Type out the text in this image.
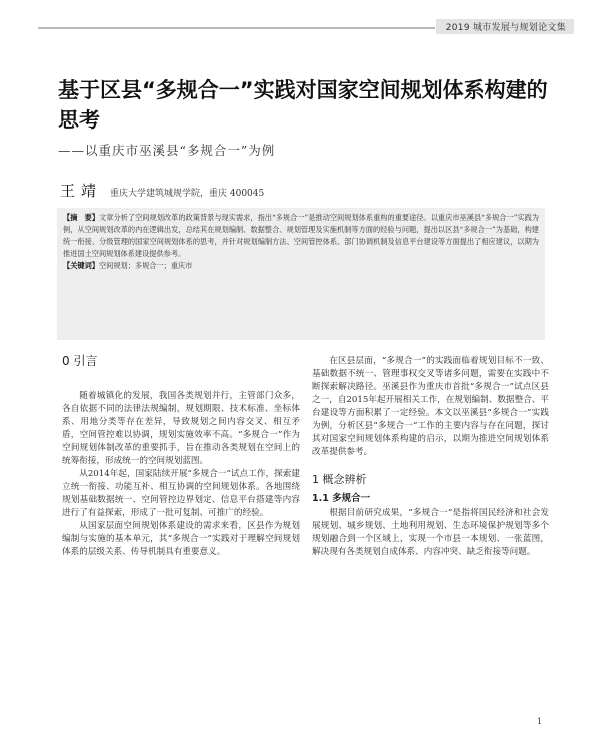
2019 城市发展与规划论文集
基于区县“多规合一”实践对国家空间规划体系构建的思考
——以重庆市巫溪县“多规合一”为例
王靖 重庆大学建筑城规学院，重庆 400045

【摘　要】文章分析了空间规划改革的政策背景与现实需求，指出“多规合一”是推动空间规划体系重构的重要途径。以重庆市巫溪县“多规合一”实践为例，从空间规划改革的内在逻辑出发，总结其在规划编制、数据整合、规划管理及实施机制等方面的经验与问题，提出以区县“多规合一”为基础，构建统一衔接、分级管理的国家空间规划体系的思考，并针对规划编制方法、空间管控体系、部门协调机制及信息平台建设等方面提出了相应建议，以期为推进国土空间规划体系建设提供参考。

【关键词】空间规划；多规合一；重庆市

0 引言

随着城镇化的发展，我国各类规划并行，主管部门众多，各自依据不同的法律法规编制，规划期限、技术标准、坐标体系、用地分类等存在差异，导致规划之间内容交叉、相互矛盾，空间管控难以协调，规划实施效率不高。“多规合一”作为空间规划体制改革的重要抓手，旨在推动各类规划在空间上的统筹衔接，形成统一的空间规划蓝图。

从2014年起，国家陆续开展“多规合一”试点工作，探索建立统一衔接、功能互补、相互协调的空间规划体系。各地围绕规划基础数据统一、空间管控边界划定、信息平台搭建等内容进行了有益探索，形成了一批可复制、可推广的经验。

从国家层面空间规划体系建设的需求来看，区县作为规划编制与实施的基本单元，其“多规合一”实践对于理解空间规划体系的层级关系、传导机制具有重要意义。

在区县层面，“多规合一”的实践面临着规划目标不一致、基础数据不统一、管理事权交叉等诸多问题，需要在实践中不断探索解决路径。巫溪县作为重庆市首批“多规合一”试点区县之一，自2015年起开展相关工作，在规划编制、数据整合、平台建设等方面积累了一定经验。本文以巫溪县“多规合一”实践为例，分析区县“多规合一”工作的主要内容与存在问题，探讨其对国家空间规划体系构建的启示，以期为推进空间规划体系改革提供参考。

1 概念辨析
1.1 多规合一

根据目前研究成果，“多规合一”是指将国民经济和社会发展规划、城乡规划、土地利用规划、生态环境保护规划等多个规划融合到一个区域上，实现一个市县一本规划、一张蓝图，解决现有各类规划自成体系、内容冲突、缺乏衔接等问题。

1
